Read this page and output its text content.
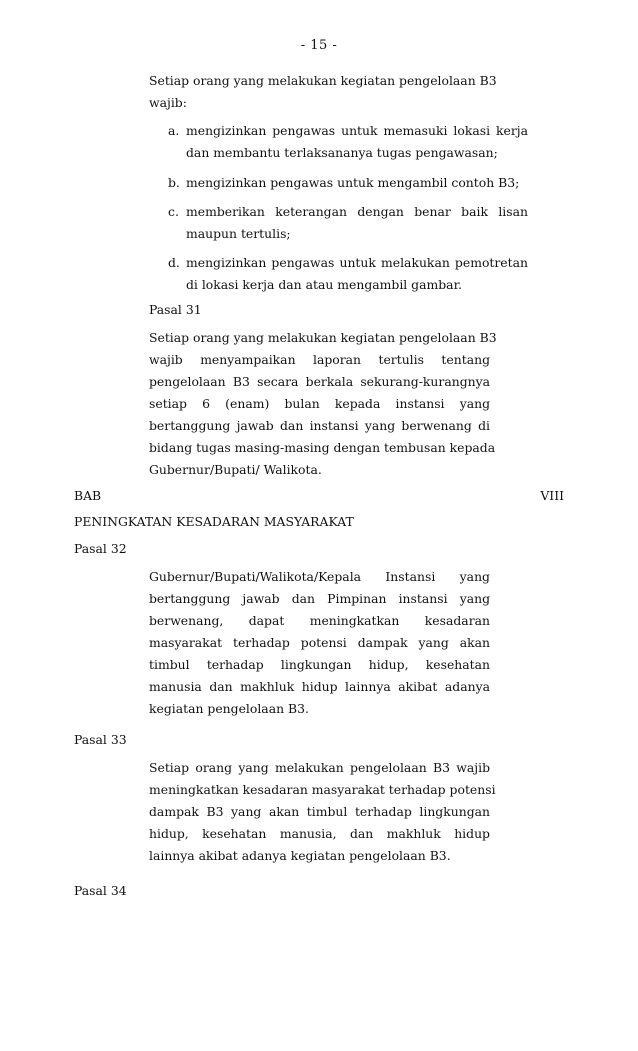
- 15 -
Setiap orang yang melakukan kegiatan pengelolaan B3
wajib:
a. mengizinkan pengawas untuk memasuki lokasi kerja
dan membantu terlaksananya tugas pengawasan;
b. mengizinkan pengawas untuk mengambil contoh B3;
c. memberikan keterangan dengan benar baik lisan
maupun tertulis;
d. mengizinkan pengawas untuk melakukan pemotretan
di lokasi kerja dan atau mengambil gambar.
Pasal 31
Setiap orang yang melakukan kegiatan pengelolaan B3
wajib menyampaikan laporan tertulis tentang
pengelolaan B3 secara berkala sekurang-kurangnya
setiap 6 (enam) bulan kepada instansi yang
bertanggung jawab dan instansi yang berwenang di
bidang tugas masing-masing dengan tembusan kepada
Gubernur/Bupati/ Walikota.
BAB	VIII
PENINGKATAN KESADARAN MASYARAKAT
Pasal 32
Gubernur/Bupati/Walikota/Kepala Instansi yang
bertanggung jawab dan Pimpinan instansi yang
berwenang, dapat meningkatkan kesadaran
masyarakat terhadap potensi dampak yang akan
timbul terhadap lingkungan hidup, kesehatan
manusia dan makhluk hidup lainnya akibat adanya
kegiatan pengelolaan B3.
Pasal 33
Setiap orang yang melakukan pengelolaan B3 wajib
meningkatkan kesadaran masyarakat terhadap potensi
dampak B3 yang akan timbul terhadap lingkungan
hidup, kesehatan manusia, dan makhluk hidup
lainnya akibat adanya kegiatan pengelolaan B3.
Pasal 34
